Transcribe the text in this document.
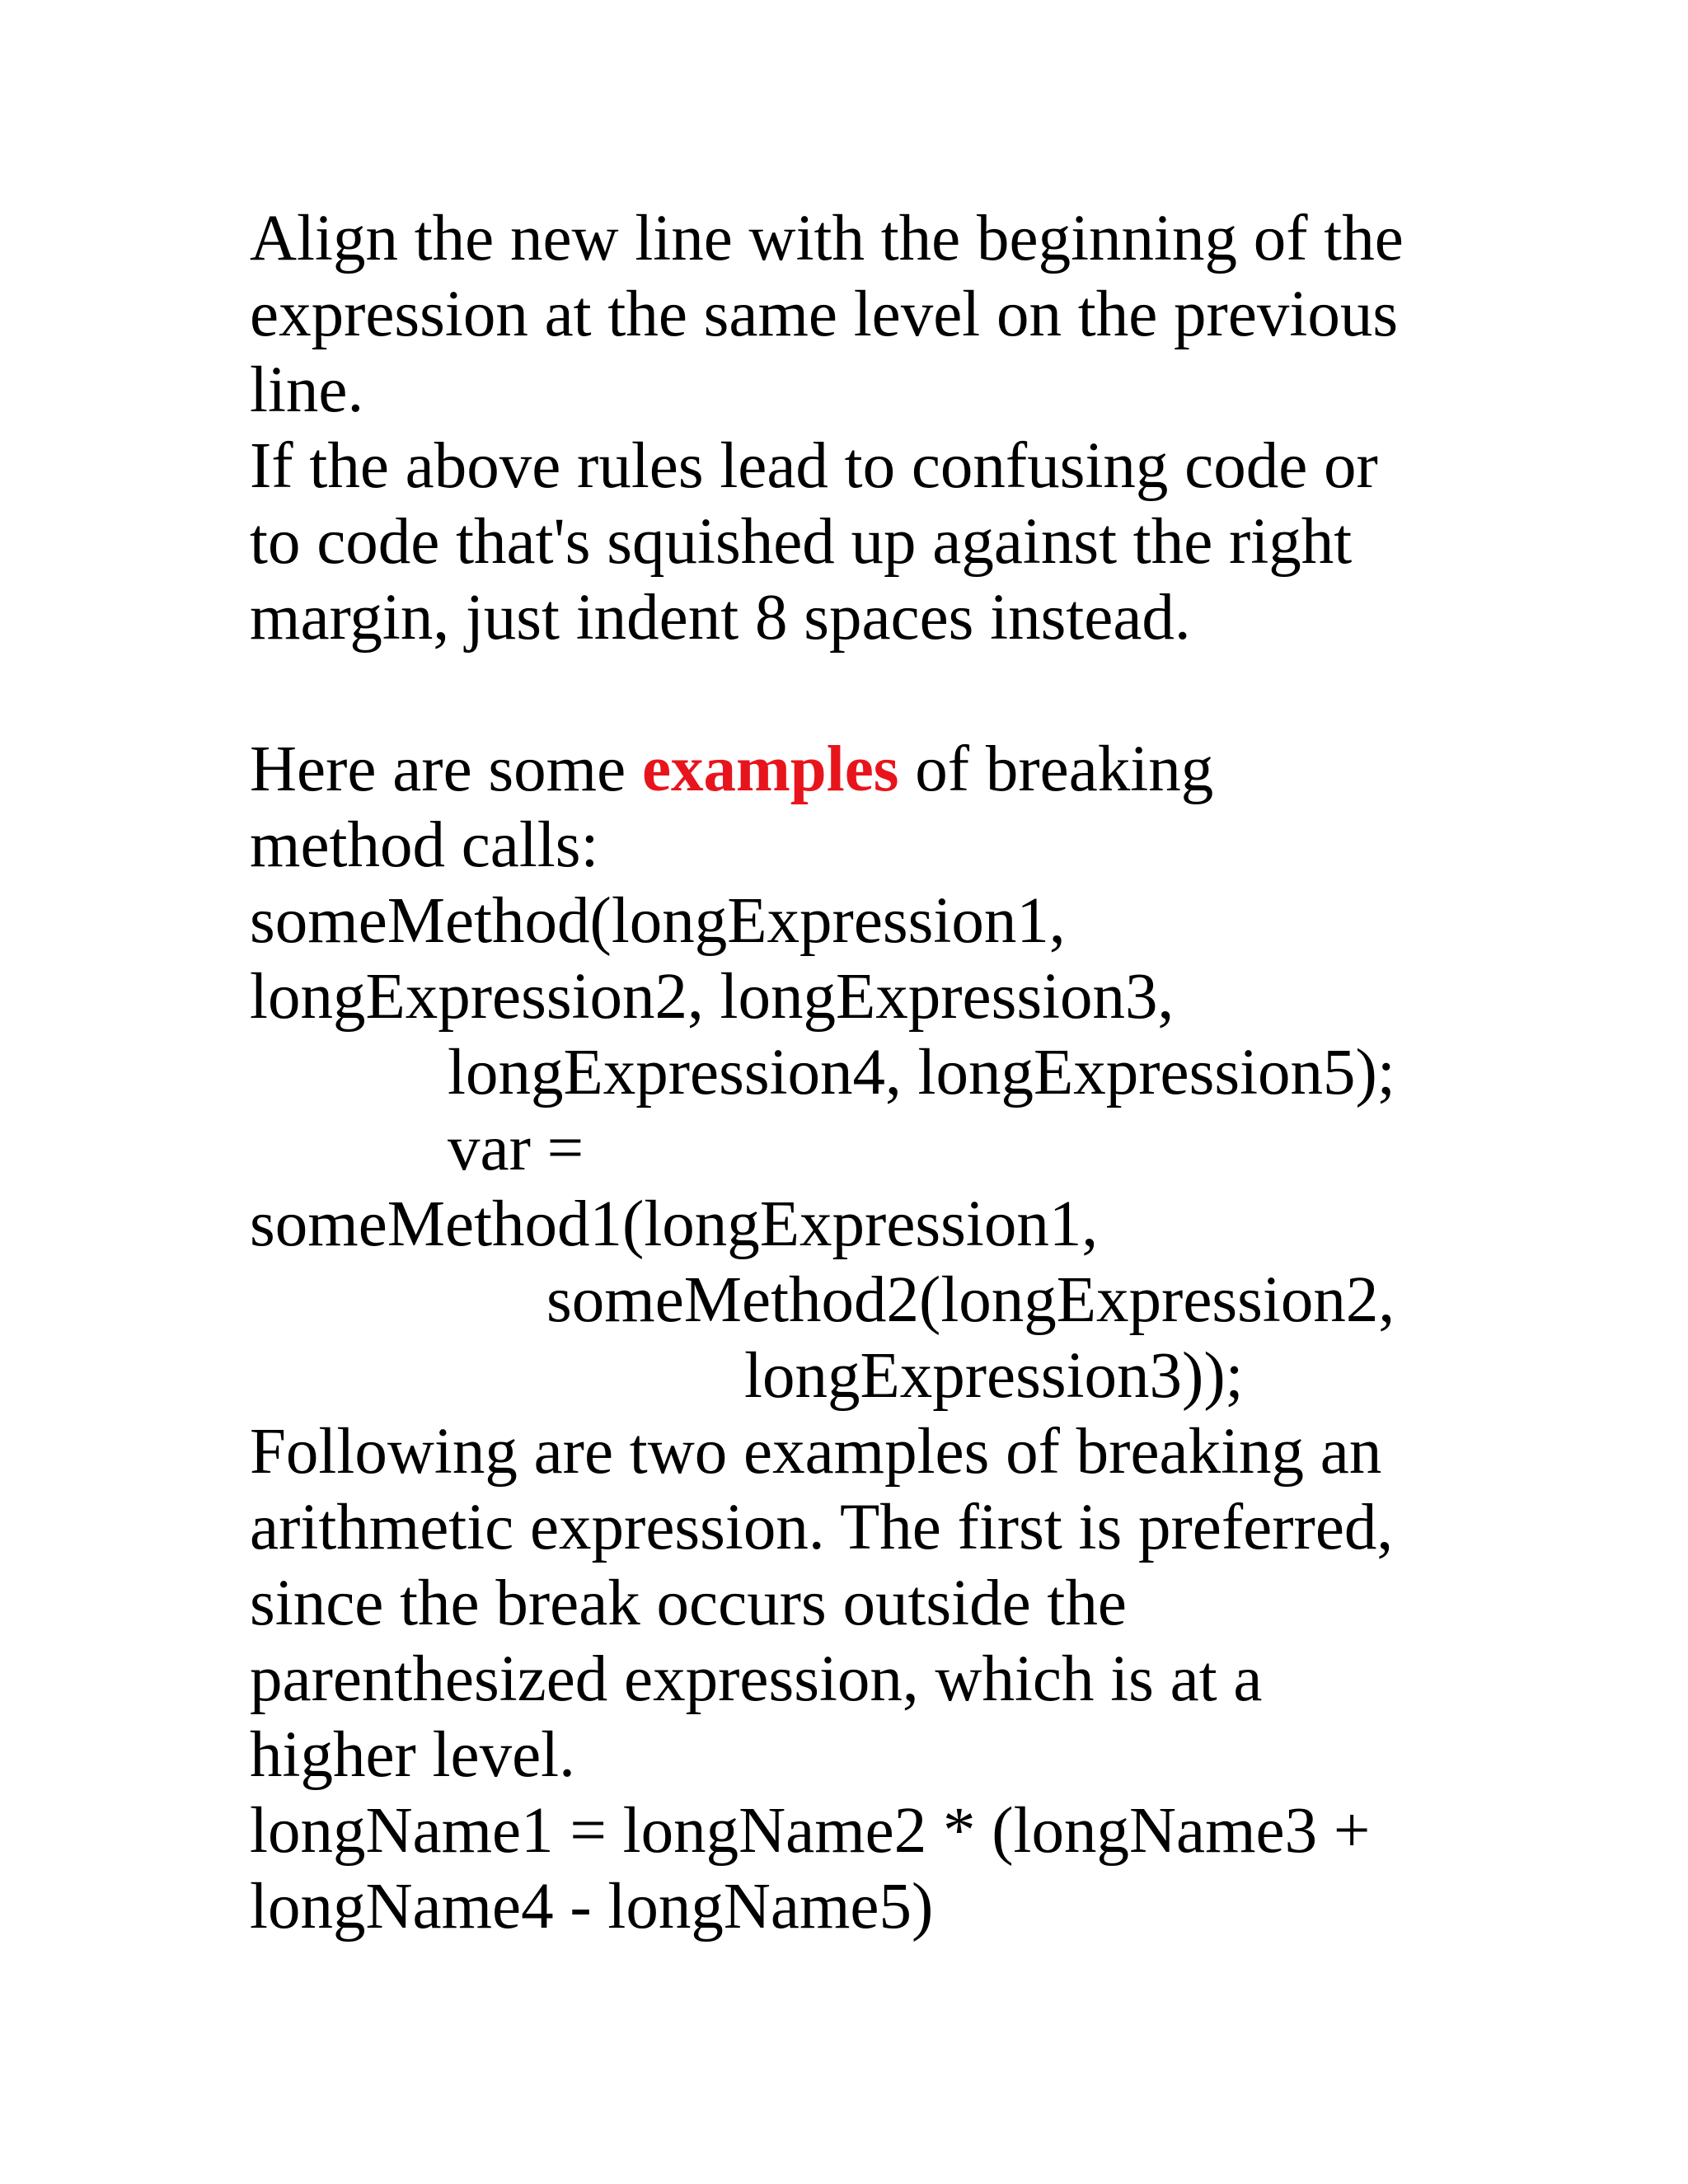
Align the new line with the beginning of the
expression at the same level on the previous
line.
If the above rules lead to confusing code or
to code that's squished up against the right
margin, just indent 8 spaces instead.
Here are some examples of breaking
method calls:
someMethod(longExpression1,
longExpression2, longExpression3,
longExpression4, longExpression5);
var =
someMethod1(longExpression1,
someMethod2(longExpression2,
longExpression3));
Following are two examples of breaking an
arithmetic expression. The first is preferred,
since the break occurs outside the
parenthesized expression, which is at a
higher level.
longName1 = longName2 * (longName3 +
longName4 - longName5)
